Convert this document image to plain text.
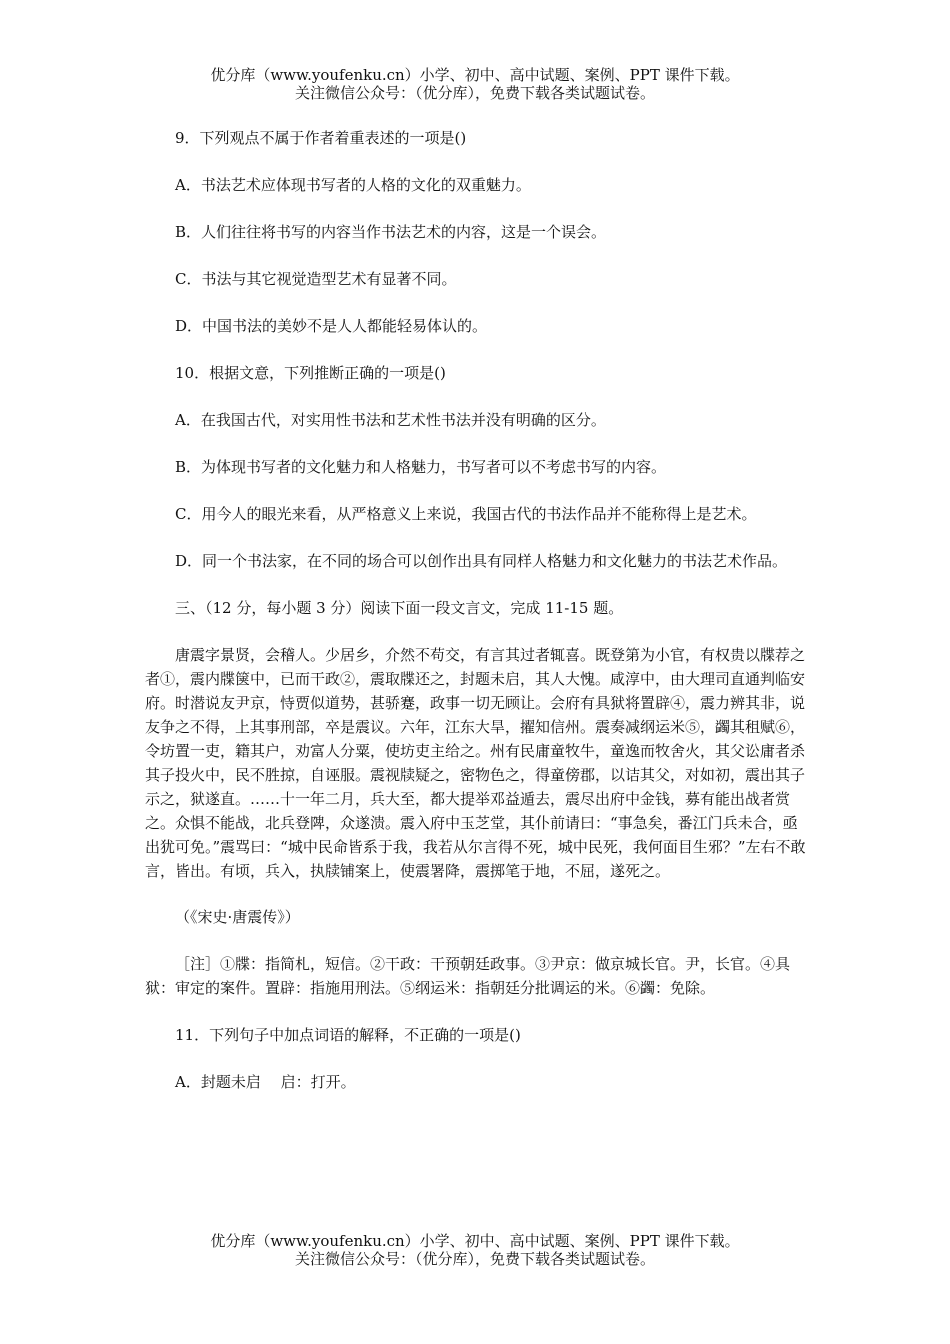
优分库（www.youfenku.cn）小学、初中、高中试题、案例、PPT 课件下载。
关注微信公众号：（优分库），免费下载各类试题试卷。

9．下列观点不属于作者着重表述的一项是()

A．书法艺术应体现书写者的人格的文化的双重魅力。

B．人们往往将书写的内容当作书法艺术的内容，这是一个误会。

C．书法与其它视觉造型艺术有显著不同。

D．中国书法的美妙不是人人都能轻易体认的。

10．根据文意，下列推断正确的一项是()

A．在我国古代，对实用性书法和艺术性书法并没有明确的区分。

B．为体现书写者的文化魅力和人格魅力，书写者可以不考虑书写的内容。

C．用今人的眼光来看，从严格意义上来说，我国古代的书法作品并不能称得上是艺术。

D．同一个书法家，在不同的场合可以创作出具有同样人格魅力和文化魅力的书法艺术作品。

三、（12 分，每小题 3 分）阅读下面一段文言文，完成 11-15 题。

唐震字景贤，会稽人。少居乡，介然不苟交，有言其过者辄喜。既登第为小官，有权贵以牒荐之者①，震内牒箧中，已而干政②，震取牒还之，封题未启，其人大愧。咸淳中，由大理司直通判临安府。时潜说友尹京，恃贾似道势，甚骄蹇，政事一切无顾让。会府有具狱将置辟④，震力辨其非，说友争之不得，上其事刑部，卒是震议。六年，江东大旱，擢知信州。震奏减纲运米⑤，蠲其租赋⑥，令坊置一吏，籍其户，劝富人分粟，使坊吏主给之。州有民庸童牧牛，童逸而牧舍火，其父讼庸者杀其子投火中，民不胜掠，自诬服。震视牍疑之，密物色之，得童傍郡，以诘其父，对如初，震出其子示之，狱遂直。……十一年二月，兵大至，都大提举邓益遁去，震尽出府中金钱，募有能出战者赏之。众惧不能战，北兵登陴，众遂溃。震入府中玉芝堂，其仆前请曰：“事急矣，番江门兵未合，亟出犹可免。”震骂曰：“城中民命皆系于我，我若从尔言得不死，城中民死，我何面目生邪？”左右不敢言，皆出。有顷，兵入，执牍铺案上，使震署降，震掷笔于地，不屈，遂死之。

（《宋史·唐震传》）

［注］①牒：指简札，短信。②干政：干预朝廷政事。③尹京：做京城长官。尹，长官。④具狱：审定的案件。置辟：指施用刑法。⑤纲运米：指朝廷分批调运的米。⑥蠲：免除。

11．下列句子中加点词语的解释，不正确的一项是()

A．封题未启　 启：打开。

优分库（www.youfenku.cn）小学、初中、高中试题、案例、PPT 课件下载。
关注微信公众号：（优分库），免费下载各类试题试卷。
